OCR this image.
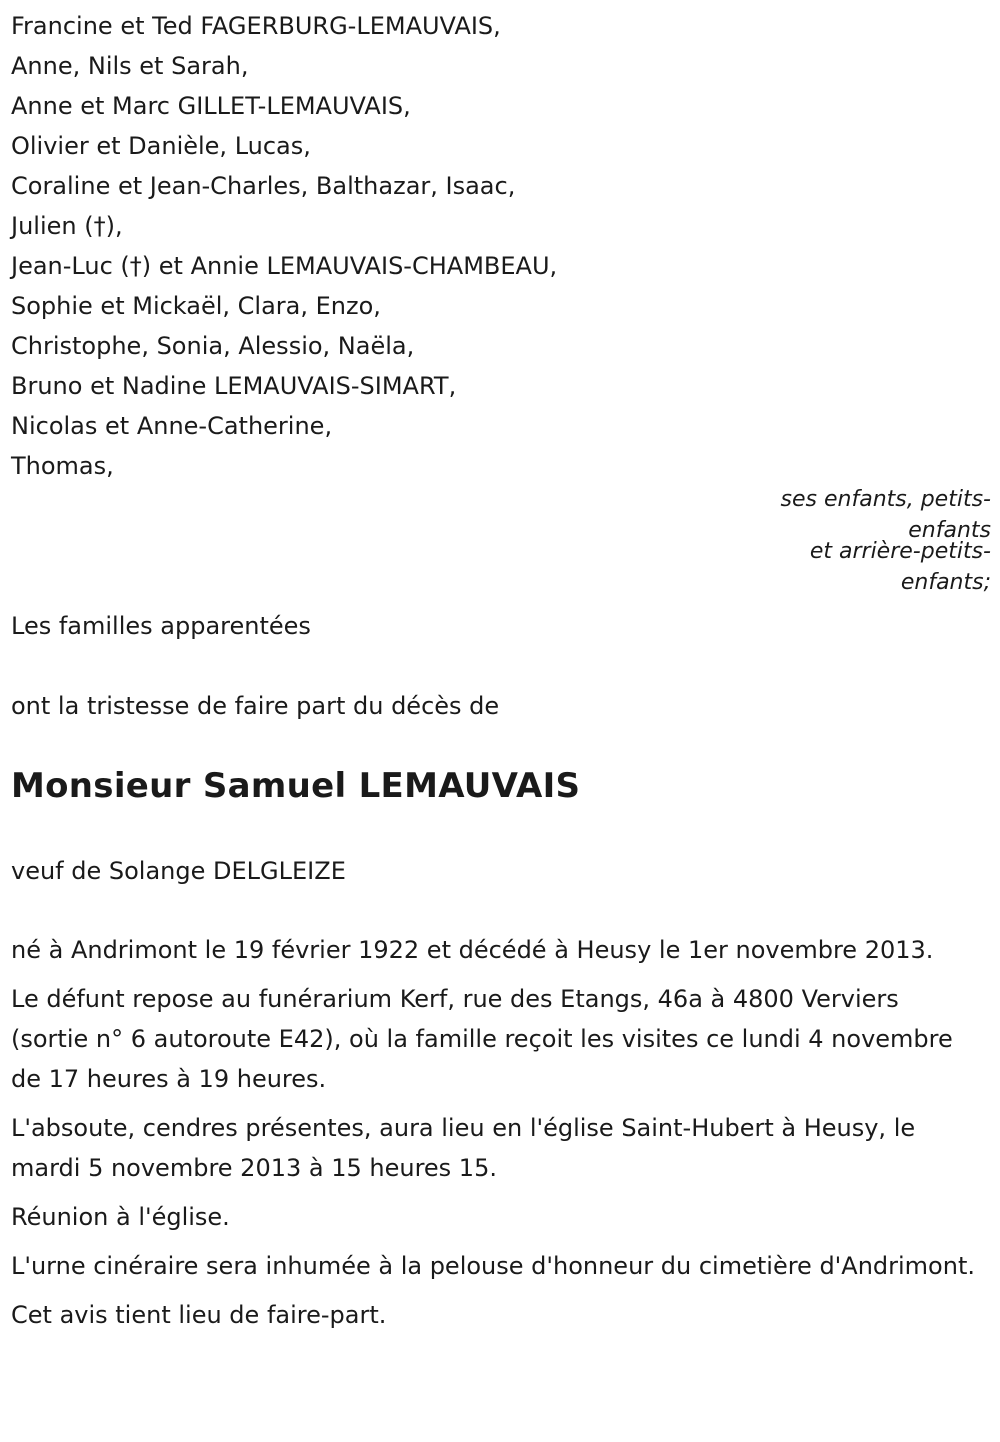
Francine et Ted FAGERBURG-LEMAUVAIS,
Anne, Nils et Sarah,
Anne et Marc GILLET-LEMAUVAIS,
Olivier et Danièle, Lucas,
Coraline et Jean-Charles, Balthazar, Isaac,
Julien (†),
Jean-Luc (†) et Annie LEMAUVAIS-CHAMBEAU,
Sophie et Mickaël, Clara, Enzo,
Christophe, Sonia, Alessio, Naëla,
Bruno et Nadine LEMAUVAIS-SIMART,
Nicolas et Anne-Catherine,
Thomas,
ses enfants, petits-enfants
et arrière-petits-enfants;

Les familles apparentées

ont la tristesse de faire part du décès de

Monsieur Samuel LEMAUVAIS

veuf de Solange DELGLEIZE

né à Andrimont le 19 février 1922 et décédé à Heusy le 1er novembre 2013.

Le défunt repose au funérarium Kerf, rue des Etangs, 46a à 4800 Verviers (sortie n° 6 autoroute E42), où la famille reçoit les visites ce lundi 4 novembre de 17 heures à 19 heures.

L'absoute, cendres présentes, aura lieu en l'église Saint-Hubert à Heusy, le mardi 5 novembre 2013 à 15 heures 15.

Réunion à l'église.

L'urne cinéraire sera inhumée à la pelouse d'honneur du cimetière d'Andrimont.

Cet avis tient lieu de faire-part.
